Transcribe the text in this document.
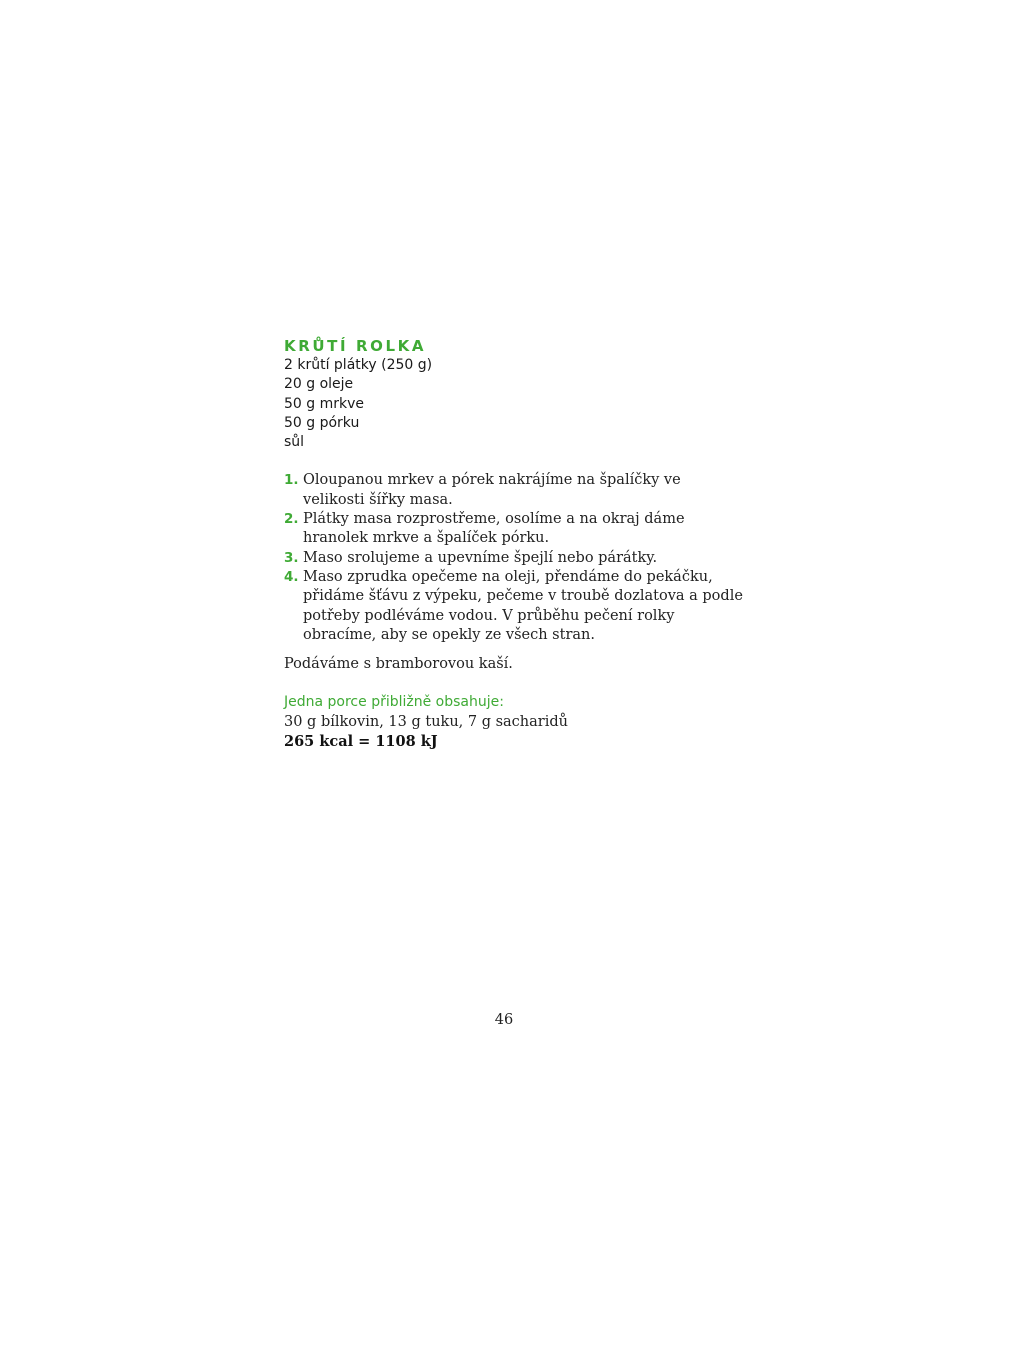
KRŮTÍ ROLKA
2 krůtí plátky (250 g)
20 g oleje
50 g mrkve
50 g pórku
sůl
1. Oloupanou mrkev a pórek nakrájíme na špalíčky ve velikosti šířky masa.
2. Plátky masa rozprostřeme, osolíme a na okraj dáme hranolek mrkve a špalíček pórku.
3. Maso srolujeme a upevníme špejlí nebo párátky.
4. Maso zprudka opečeme na oleji, přendáme do pekáčku, přidáme šťávu z výpeku, pečeme v troubě dozlatova a podle potřeby podléváme vodou. V průběhu pečení rolky obracíme, aby se opekly ze všech stran.
Podáváme s bramborovou kaší.
Jedna porce přibližně obsahuje:
30 g bílkovin, 13 g tuku, 7 g sacharidů
265 kcal = 1108 kJ
46
